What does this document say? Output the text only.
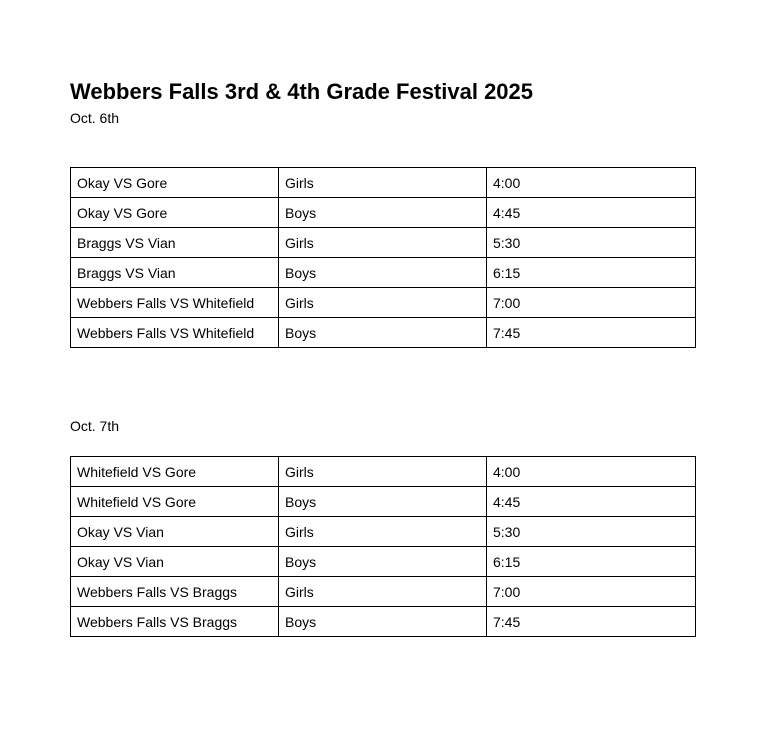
Webbers Falls 3rd & 4th Grade Festival 2025
Oct. 6th
Okay VS Gore	Girls	4:00
Okay VS Gore	Boys	4:45
Braggs VS Vian	Girls	5:30
Braggs VS Vian	Boys	6:15
Webbers Falls VS Whitefield	Girls	7:00
Webbers Falls VS Whitefield	Boys	7:45
Oct. 7th
Whitefield VS Gore	Girls	4:00
Whitefield VS Gore	Boys	4:45
Okay VS Vian	Girls	5:30
Okay VS Vian	Boys	6:15
Webbers Falls VS Braggs	Girls	7:00
Webbers Falls VS Braggs	Boys	7:45
